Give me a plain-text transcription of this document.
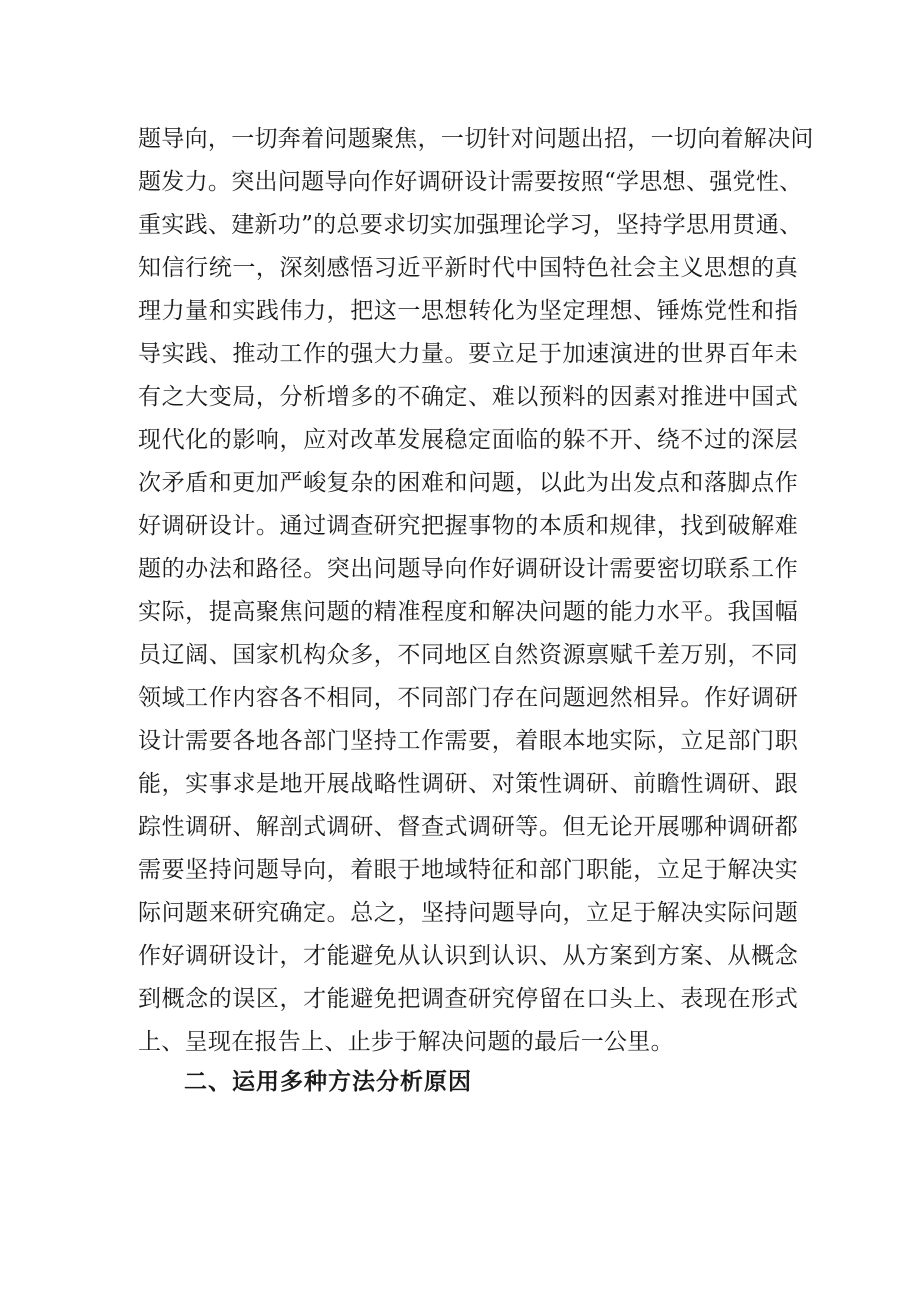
题导向，一切奔着问题聚焦，一切针对问题出招，一切向着解决问
题发力。突出问题导向作好调研设计需要按照“学思想、强党性、
重实践、建新功”的总要求切实加强理论学习，坚持学思用贯通、
知信行统一，深刻感悟习近平新时代中国特色社会主义思想的真
理力量和实践伟力，把这一思想转化为坚定理想、锤炼党性和指
导实践、推动工作的强大力量。要立足于加速演进的世界百年未
有之大变局，分析增多的不确定、难以预料的因素对推进中国式
现代化的影响，应对改革发展稳定面临的躲不开、绕不过的深层
次矛盾和更加严峻复杂的困难和问题，以此为出发点和落脚点作
好调研设计。通过调查研究把握事物的本质和规律，找到破解难
题的办法和路径。突出问题导向作好调研设计需要密切联系工作
实际，提高聚焦问题的精准程度和解决问题的能力水平。我国幅
员辽阔、国家机构众多，不同地区自然资源禀赋千差万别，不同
领域工作内容各不相同，不同部门存在问题迥然相异。作好调研
设计需要各地各部门坚持工作需要，着眼本地实际，立足部门职
能，实事求是地开展战略性调研、对策性调研、前瞻性调研、跟
踪性调研、解剖式调研、督查式调研等。但无论开展哪种调研都
需要坚持问题导向，着眼于地域特征和部门职能，立足于解决实
际问题来研究确定。总之，坚持问题导向，立足于解决实际问题
作好调研设计，才能避免从认识到认识、从方案到方案、从概念
到概念的误区，才能避免把调查研究停留在口头上、表现在形式
上、呈现在报告上、止步于解决问题的最后一公里。
二、运用多种方法分析原因
